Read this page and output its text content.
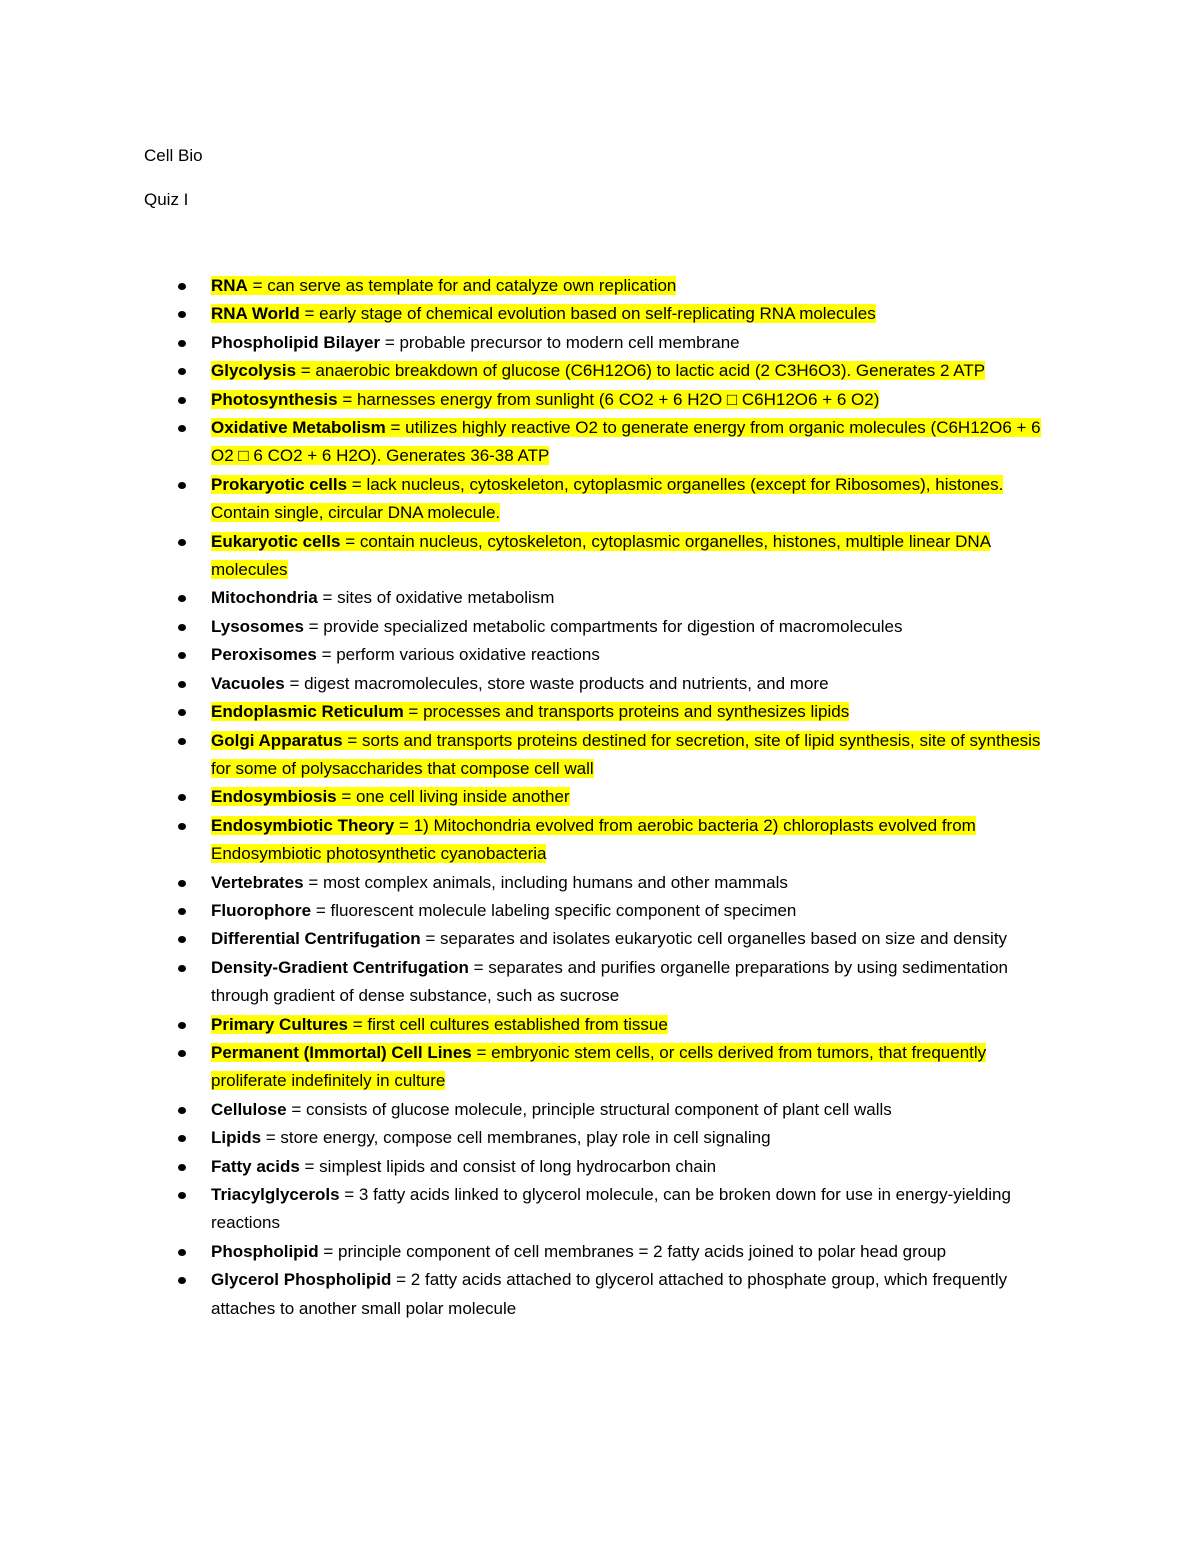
Cell Bio
Quiz I
RNA = can serve as template for and catalyze own replication
RNA World = early stage of chemical evolution based on self-replicating RNA molecules
Phospholipid Bilayer = probable precursor to modern cell membrane
Glycolysis = anaerobic breakdown of glucose (C6H12O6) to lactic acid (2 C3H6O3). Generates 2 ATP
Photosynthesis = harnesses energy from sunlight (6 CO2 + 6 H2O □ C6H12O6 + 6 O2)
Oxidative Metabolism = utilizes highly reactive O2 to generate energy from organic molecules (C6H12O6 + 6 O2 □ 6 CO2 + 6 H2O). Generates 36-38 ATP
Prokaryotic cells = lack nucleus, cytoskeleton, cytoplasmic organelles (except for Ribosomes), histones. Contain single, circular DNA molecule.
Eukaryotic cells = contain nucleus, cytoskeleton, cytoplasmic organelles, histones, multiple linear DNA molecules
Mitochondria = sites of oxidative metabolism
Lysosomes = provide specialized metabolic compartments for digestion of macromolecules
Peroxisomes = perform various oxidative reactions
Vacuoles = digest macromolecules, store waste products and nutrients, and more
Endoplasmic Reticulum = processes and transports proteins and synthesizes lipids
Golgi Apparatus = sorts and transports proteins destined for secretion, site of lipid synthesis, site of synthesis for some of polysaccharides that compose cell wall
Endosymbiosis = one cell living inside another
Endosymbiotic Theory = 1) Mitochondria evolved from aerobic bacteria 2) chloroplasts evolved from Endosymbiotic photosynthetic cyanobacteria
Vertebrates = most complex animals, including humans and other mammals
Fluorophore = fluorescent molecule labeling specific component of specimen
Differential Centrifugation = separates and isolates eukaryotic cell organelles based on size and density
Density-Gradient Centrifugation = separates and purifies organelle preparations by using sedimentation through gradient of dense substance, such as sucrose
Primary Cultures = first cell cultures established from tissue
Permanent (Immortal) Cell Lines = embryonic stem cells, or cells derived from tumors, that frequently proliferate indefinitely in culture
Cellulose = consists of glucose molecule, principle structural component of plant cell walls
Lipids = store energy, compose cell membranes, play role in cell signaling
Fatty acids = simplest lipids and consist of long hydrocarbon chain
Triacylglycerols = 3 fatty acids linked to glycerol molecule, can be broken down for use in energy-yielding reactions
Phospholipid = principle component of cell membranes = 2 fatty acids joined to polar head group
Glycerol Phospholipid = 2 fatty acids attached to glycerol attached to phosphate group, which frequently attaches to another small polar molecule
